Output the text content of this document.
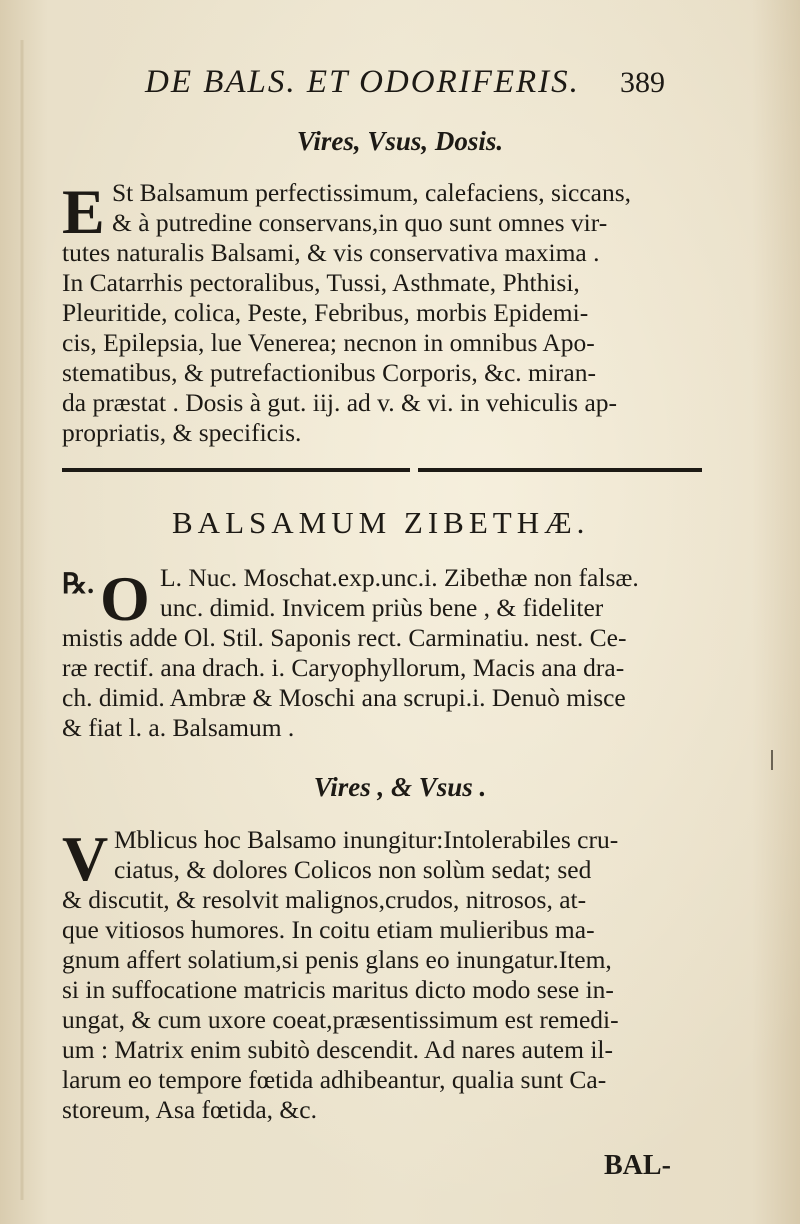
DE BALS. ET ODORIFERIS. 389
Vires, Vsus, Dosis.
E St Balsamum perfectissimum, calefaciens, siccans,
& à putredine conservans,in quo sunt omnes vir-
tutes naturalis Balsami, & vis conservativa maxima .
In Catarrhis pectoralibus, Tussi, Asthmate, Phthisi,
Pleuritide, colica, Peste, Febribus, morbis Epidemi-
cis, Epilepsia, lue Venerea; necnon in omnibus Apo-
stematibus, & putrefactionibus Corporis, &c. miran-
da præstat . Dosis à gut. iij. ad v. & vi. in vehiculis ap-
propriatis, & specificis.
BALSAMUM ZIBETHÆ.
℞. O L. Nuc. Moschat.exp.unc.i. Zibethæ non falsæ.
unc. dimid. Invicem priùs bene , & fideliter
mistis adde Ol. Stil. Saponis rect. Carminatiu. nest. Ce-
ræ rectif. ana drach. i. Caryophyllorum, Macis ana dra-
ch. dimid. Ambræ & Moschi ana scrupi.i. Denuò misce
& fiat l. a. Balsamum .
Vires , & Vsus .
V Mblicus hoc Balsamo inungitur:Intolerabiles cru-
ciatus, & dolores Colicos non solùm sedat; sed
& discutit, & resolvit malignos,crudos, nitrosos, at-
que vitiosos humores. In coitu etiam mulieribus ma-
gnum affert solatium,si penis glans eo inungatur.Item,
si in suffocatione matricis maritus dicto modo sese in-
ungat, & cum uxore coeat,præsentissimum est remedi-
um : Matrix enim subitò descendit. Ad nares autem il-
larum eo tempore fœtida adhibeantur, qualia sunt Ca-
storeum, Asa fœtida, &c.
BAL-
